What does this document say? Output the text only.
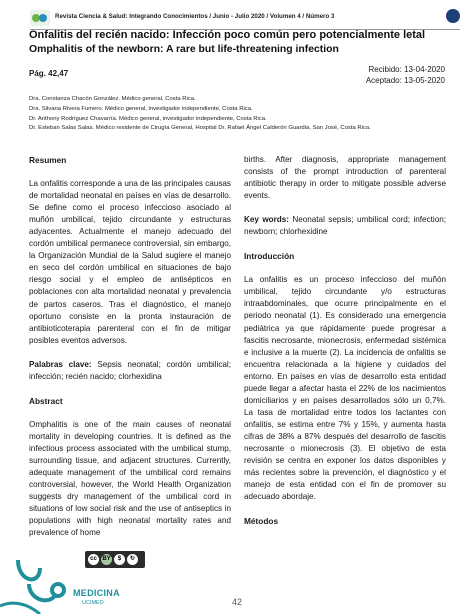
Revista Ciencia & Salud: Integrando Conocimientos / Junio - Julio 2020 / Volumen 4 / Número 3
Onfalitis del recién nacido: Infección poco común pero potencialmente letal
Omphalitis of the newborn: A rare but life-threatening infection
Pág. 42,47	Recibido: 13-04-2020
Aceptado: 13-05-2020
Dra. Constanza Chacón González. Médico general, Costa Rica.
Dra. Silvana Rivera Fumero. Médico general, investigador independiente, Costa Rica.
Dr. Anthony Rodríguez Chavarría. Médico general, investigador independiente, Costa Rica.
Dr. Esteban Salas Salas. Médico residente de Cirugía General, Hospital Dr. Rafael Ángel Calderón Guardia, San José, Costa Rica.
Resumen
La onfalitis corresponde a una de las principales causas de mortalidad neonatal en países en vías de desarrollo. Se define como el proceso infeccioso asociado al muñón umbilical, tejido circundante y estructuras adyacentes. Actualmente el manejo adecuado del cordón umbilical permanece controversial, sin embargo, la Organización Mundial de la Salud sugiere el manejo en seco del cordón umbilical en situaciones de bajo riesgo social y el empleo de antisépticos en poblaciones con alta mortalidad neonatal y prevalencia de partos caseros. Tras el diagnóstico, el manejo oportuno consiste en la pronta instauración de antibioticoterapia parenteral con el fin de mitigar posibles eventos adversos.
Palabras clave: Sepsis neonatal; cordón umbilical; infección; recién nacido; clorhexidina
Abstract
Omphalitis is one of the main causes of neonatal mortality in developing countries. It is defined as the infectious process associated with the umbilical stump, surrounding tissue, and adjacent structures. Currently, adequate management of the umbilical cord remains controversial, however, the World Health Organization suggests dry management of the umbilical cord in situations of low social risk and the use of antiseptics in populations with high neonatal mortality rates and prevalence of home
births. After diagnosis, appropriate management consists of the prompt introduction of parenteral antibiotic therapy in order to mitigate possible adverse events.
Key words: Neonatal sepsis; umbilical cord; infection; newborn; chlorhexidine
Introducción
La onfalitis es un proceso infeccioso del muñón umbilical, tejido circundante y/o estructuras intraabdominales, que ocurre principalmente en el periodo neonatal (1). Es considerado una emergencia pediátrica ya que rápidamente puede progresar a fascitis necrosante, mionecrosis, enfermedad sistémica e inclusive a la muerte (2). La incidencia de onfalitis se encuentra relacionada a la higiene y cuidados del entorno. En países en vías de desarrollo esta entidad puede llegar a afectar hasta el 22% de los nacimientos domiciliarios y en países desarrollados sólo un 0,7%. La tasa de mortalidad entre todos los lactantes con onfalitis, se estima entre 7% y 15%, y aumenta hasta cifras de 38% a 87% después del desarrollo de fascitis necrosante o mionecrosis (3). El objetivo de esta revisión se centra en exponer los datos disponibles y más recientes sobre la prevención, el diagnóstico y el manejo de esta entidad con el fin de promover su adecuado abordaje.
Métodos
cc BY	$	↻
MEDICINA
UCIMED	42
